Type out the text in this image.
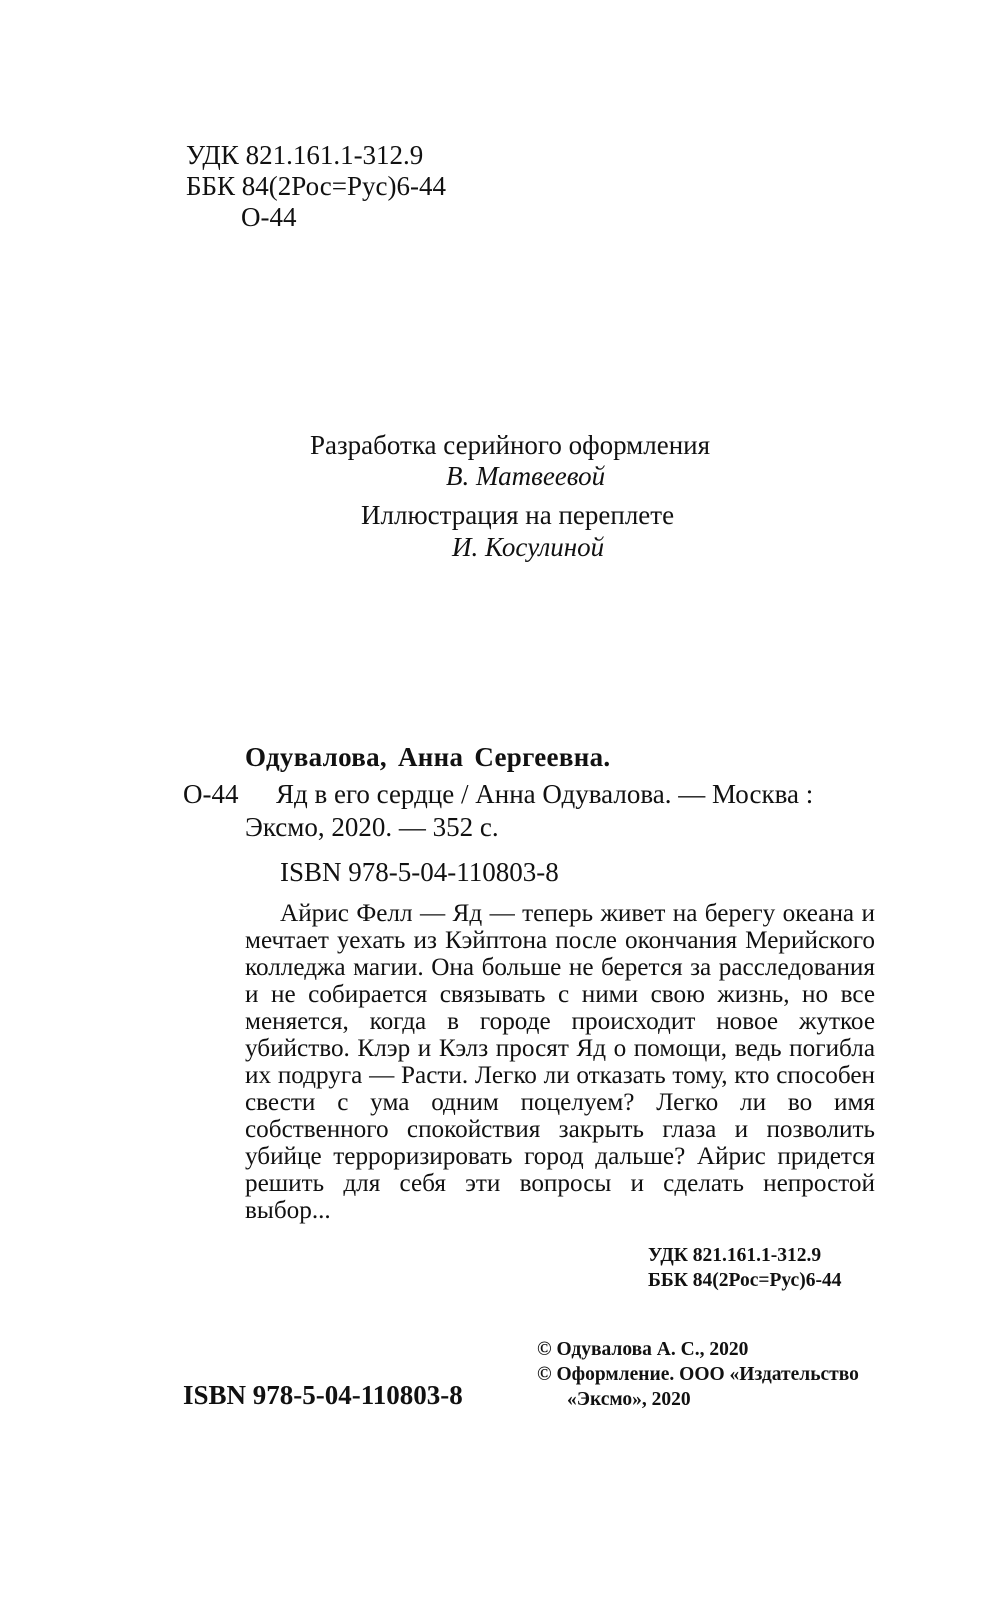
УДК 821.161.1-312.9
ББК 84(2Рос=Рус)6-44
О-44
Разработка серийного оформления
В. Матвеевой
Иллюстрация на переплете
И. Косулиной
Одувалова, Анна Сергеевна.
О-44 Яд в его сердце / Анна Одувалова. — Москва :
Эксмо, 2020. — 352 с.
ISBN 978-5-04-110803-8

Айрис Фелл — Яд — теперь живет на берегу океана и мечтает уехать из Кэйптона после окончания Мерийского колледжа магии. Она больше не берется за расследования и не собирается связывать с ними свою жизнь, но все меняется, когда в городе происходит новое жуткое убийство. Клэр и Кэлз просят Яд о помощи, ведь погибла их подруга — Расти. Легко ли отказать тому, кто способен свести с ума одним поцелуем? Легко ли во имя собственного спокойствия закрыть глаза и позволить убийце терроризировать город дальше? Айрис придется решить для себя эти вопросы и сделать непростой выбор...

УДК 821.161.1-312.9
ББК 84(2Рос=Рус)6-44
ISBN 978-5-04-110803-8
© Одувалова А. С., 2020
© Оформление. ООО «Издательство
«Эксмо», 2020
